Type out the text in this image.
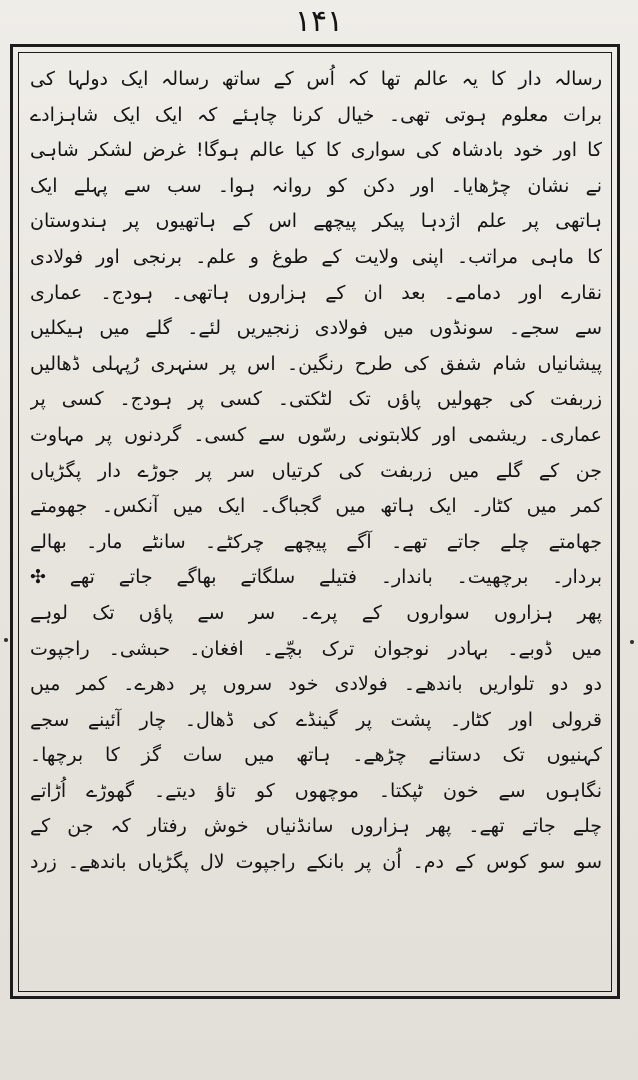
۱۴۱
رسالہ دار کا یہ عالم تھا کہ اُس کے ساتھ رسالہ ایک دولہا کی
برات معلوم ہوتی تھی۔ خیال کرنا چاہئے کہ ایک ایک شاہزادے
کا اور خود بادشاہ کی سواری کا کیا عالم ہوگا! غرض لشکر شاہی
نے نشان چڑھایا۔ اور دکن کو روانہ ہوا۔ سب سے پہلے ایک
ہاتھی پر علم اژدہا پیکر پیچھے اس کے ہاتھیوں پر ہندوستان
کا ماہی مراتب۔ اپنی ولایت کے طوغ و علم۔ برنجی اور فولادی
نقارے اور دمامے۔ بعد ان کے ہزاروں ہاتھی۔ ہودج۔ عماری
سے سجے۔ سونڈوں میں فولادی زنجیریں لئے۔ گلے میں ہیکلیں
پیشانیاں شام شفق کی طرح رنگین۔ اس پر سنہری رُپہلی ڈھالیں
زربفت کی جھولیں پاؤں تک لٹکتی۔ کسی پر ہودج۔ کسی پر
عماری۔ ریشمی اور کلابتونی رسّوں سے کسی۔ گردنوں پر مہاوت
جن کے گلے میں زربفت کی کرتیاں سر پر جوڑے دار پگڑیاں
کمر میں کٹار۔ ایک ہاتھ میں گجباگ۔ ایک میں آنکس۔ جھومتے
جھامتے چلے جاتے تھے۔ آگے پیچھے چرکٹے۔ سانٹے مار۔ بھالے
بردار۔ برچھیت۔ باندار۔ فتیلے سلگاتے بھاگے جاتے تھے ✣
پھر ہزاروں سواروں کے پرے۔ سر سے پاؤں تک لوہے
میں ڈوبے۔ بہادر نوجوان ترک بچّے۔ افغان۔ حبشی۔ راجپوت
دو دو تلواریں باندھے۔ فولادی خود سروں پر دھرے۔ کمر میں
قرولی اور کٹار۔ پشت پر گینڈے کی ڈھال۔ چار آئینے سجے
کہنیوں تک دستانے چڑھے۔ ہاتھ میں سات گز کا برچھا۔
نگاہوں سے خون ٹپکتا۔ موچھوں کو تاؤ دیتے۔ گھوڑے اُڑاتے
چلے جاتے تھے۔ پھر ہزاروں سانڈنیاں خوش رفتار کہ جن کے
سو سو کوس کے دم۔ اُن پر بانکے راجپوت لال پگڑیاں باندھے۔ زرد
